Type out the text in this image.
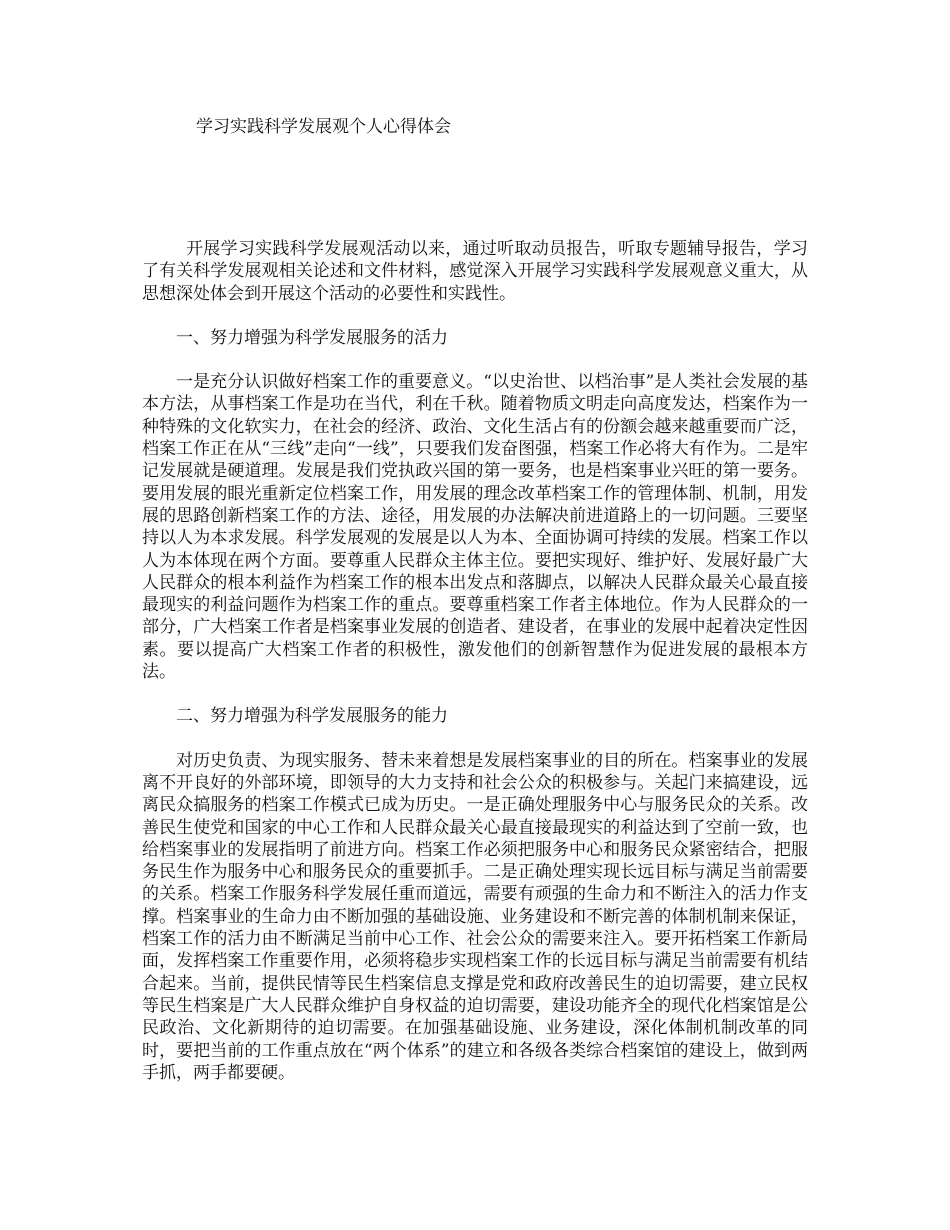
学习实践科学发展观个人心得体会

开展学习实践科学发展观活动以来，通过听取动员报告，听取专题辅导报告，学习了有关科学发展观相关论述和文件材料，感觉深入开展学习实践科学发展观意义重大，从思想深处体会到开展这个活动的必要性和实践性。

一、努力增强为科学发展服务的活力

一是充分认识做好档案工作的重要意义。“以史治世、以档治事”是人类社会发展的基本方法，从事档案工作是功在当代，利在千秋。随着物质文明走向高度发达，档案作为一种特殊的文化软实力，在社会的经济、政治、文化生活占有的份额会越来越重要而广泛，档案工作正在从“三线”走向“一线”，只要我们发奋图强，档案工作必将大有作为。二是牢记发展就是硬道理。发展是我们党执政兴国的第一要务，也是档案事业兴旺的第一要务。要用发展的眼光重新定位档案工作，用发展的理念改革档案工作的管理体制、机制，用发展的思路创新档案工作的方法、途径，用发展的办法解决前进道路上的一切问题。三要坚持以人为本求发展。科学发展观的发展是以人为本、全面协调可持续的发展。档案工作以人为本体现在两个方面。要尊重人民群众主体主位。要把实现好、维护好、发展好最广大人民群众的根本利益作为档案工作的根本出发点和落脚点，以解决人民群众最关心最直接最现实的利益问题作为档案工作的重点。要尊重档案工作者主体地位。作为人民群众的一部分，广大档案工作者是档案事业发展的创造者、建设者，在事业的发展中起着决定性因素。要以提高广大档案工作者的积极性，激发他们的创新智慧作为促进发展的最根本方法。

二、努力增强为科学发展服务的能力

对历史负责、为现实服务、替未来着想是发展档案事业的目的所在。档案事业的发展离不开良好的外部环境，即领导的大力支持和社会公众的积极参与。关起门来搞建设，远离民众搞服务的档案工作模式已成为历史。一是正确处理服务中心与服务民众的关系。改善民生使党和国家的中心工作和人民群众最关心最直接最现实的利益达到了空前一致，也给档案事业的发展指明了前进方向。档案工作必须把服务中心和服务民众紧密结合，把服务民生作为服务中心和服务民众的重要抓手。二是正确处理实现长远目标与满足当前需要的关系。档案工作服务科学发展任重而道远，需要有顽强的生命力和不断注入的活力作支撑。档案事业的生命力由不断加强的基础设施、业务建设和不断完善的体制机制来保证，档案工作的活力由不断满足当前中心工作、社会公众的需要来注入。要开拓档案工作新局面，发挥档案工作重要作用，必须将稳步实现档案工作的长远目标与满足当前需要有机结合起来。当前，提供民情等民生档案信息支撑是党和政府改善民生的迫切需要，建立民权等民生档案是广大人民群众维护自身权益的迫切需要，建设功能齐全的现代化档案馆是公民政治、文化新期待的迫切需要。在加强基础设施、业务建设，深化体制机制改革的同时，要把当前的工作重点放在“两个体系”的建立和各级各类综合档案馆的建设上，做到两手抓，两手都要硬。
